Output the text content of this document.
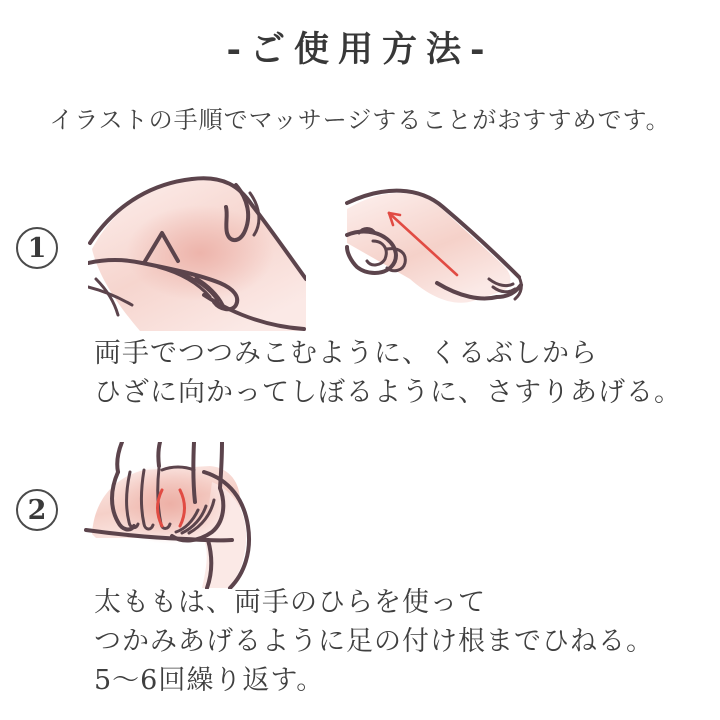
-ご使用方法-

イラストの手順でマッサージすることがおすすめです。

1
両手でつつみこむように、くるぶしから
ひざに向かってしぼるように、さすりあげる。
2
太ももは、両手のひらを使って
つかみあげるように足の付け根までひねる。
5〜6回繰り返す。
